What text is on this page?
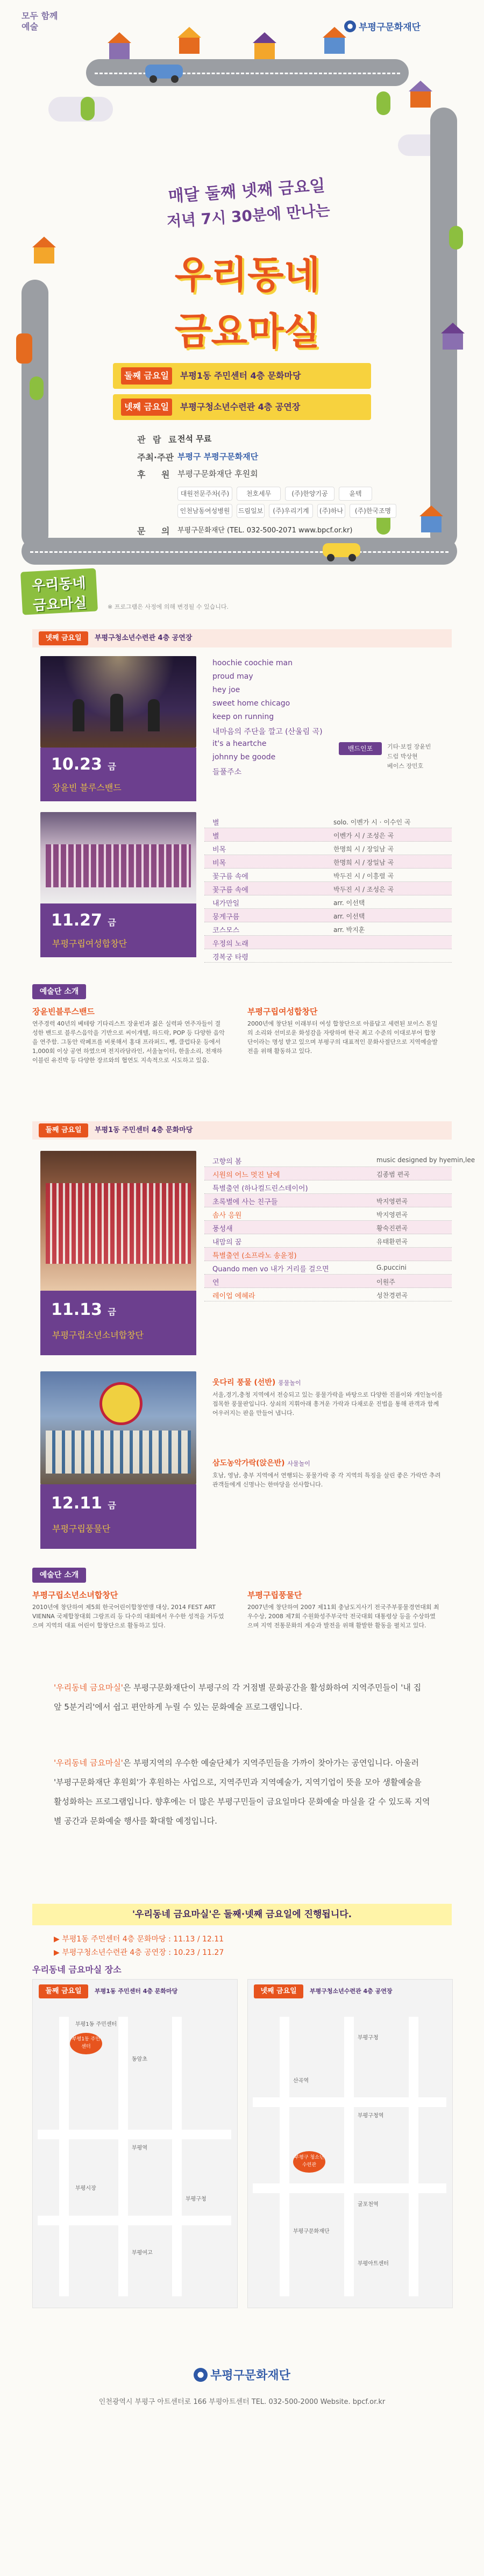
모두 함께 예술	부평구문화재단
매달 둘째 넷째 금요일
저녁 7시 30분에 만나는
우리동네
금요마실
둘째 금요일	부평1동 주민센터 4층 문화마당
넷째 금요일	부평구청소년수련관 4층 공연장
관 람 료
전석 무료
주최·주관 부평구 부평구문화재단
후 원 부평구문화재단 후원회
대원전문주차(주)	천호세무	(주)한양기공	윤텍
인천남동여성병원	드림일보	(주)우리기계	(주)하나	(주)한국조명
문 의 부평구문화재단 (TEL. 032-500-2071 www.bpcf.or.kr)
우리동네
금요마실	※ 프로그램은 사정에 의해 변경될 수 있습니다.
넷째 금요일	부평구청소년수련관 4층 공연장
10.23 금
장윤빈 블루스밴드
hoochie coochie man
proud may
hey joe
sweet home chicago
keep on running
내마음의 주단을 깔고 (산울림 곡)
it's a heartche
johnny be goode
들풀주소
밴드인포	기타·보컬 장윤빈
드럼 박상현
베이스 장민호
11.27 금
부평구립여성합창단
별	solo. 이벤가 시 · 이수인 곡
별	이벤가 시 / 조성은 곡
비목	한명희 시 / 장일남 곡
비목	한명희 시 / 장일남 곡
꽃구름 속에	박두진 시 / 이흥렬 곡
꽃구름 속에	박두진 시 / 조성은 곡
내가만일	arr. 이선택
뭉게구름	arr. 이선택
코스모스	arr. 박지훈
우정의 노래
경복궁 타령
예술단 소개
장윤빈블루스밴드
연주경력 40년의 베테랑 기타리스트 장윤빈과 젊은 실력파 연주자들이 결성한 밴드로 블루스음악을 기반으로 씨이개텔, 하드락, POP 등 다양한 음악을 연주함. 그동안 락페프를 비롯해서 홍대 프라퍼드, 뺑, 클럽타운 등에서 1,000회 이상 공연 하였으며 전지라담라인, 서울놀이터, 한울소리, 전재하이블린 유진박 등 다양한 장르와의 협연도 지속적으로 시도하고 있음.
부평구립여성합창단
2000년에 창단된 이래부터 여성 합창단으로 아름답고 세련된 보이스 톤일의 소리와 선미로운 화성감을 자랑하며 한국 최고 수준의 이대로부어 합창단이라는 명성 받고 있으며 부평구의 대표적인 문화사절단으로 지역예술발전을 위해 활동하고 있다.
둘째 금요일	부평1동 주민센터 4층 문화마당
11.13 금
부평구립소년소녀합창단
고향의 봄	music designed by hyemin,lee
시원의 어느 멋진 날에	김종범 편곡
특별출연 (하나컬드린스테이어)
초록별에 사는 친구들	박지영편곡
솜사 응원	박지영편곡
풍성새	황숙진편곡
내맘의 꿈	유태환편곡
특별출연 (소프라노 송윤정)
Quando men vo 내가 거리를 걸으면	G.puccini
연	이원주
레이업 에헤라	성찬경편곡
12.11 금
부평구립풍물단
웃다리 풍물 (선반) 풍물놀이
서울,경기,충청 지역에서 전승되고 있는 풍물가락을 바탕으로 다양한 진풀이와 개인놀이를 접목한 풍물판입니다. 상쇠의 지휘아래 흥겨운 가락과 다채로운 진법을 통해 관객과 함께 어우러지는 판을 만들어 냅니다.
삼도농악가락(앉은반) 사물놀이
호남, 영남, 충부 지역에서 연행되는 풍물가락 중 각 지역의 특징을 살린 좋은 가락만 추려 관객들에게 신명나는 한마당을 선사합니다.
예술단 소개
부평구립소년소녀합창단
2010년에 창단하여 제5회 한국어린이합창연맹 대상, 2014 FEST ART VIENNA 국제합창대회 그랑프리 등 다수의 대회에서 우수한 성적을 거두었으며 지역의 대표 어린이 합창단으로 활동하고 있다.
부평구립풍물단
2007년에 창단하여 2007 제11회 충남도지사기 전국주부풍물경연대회 최우수상, 2008 제7회 수원화성주부국악 전국대회 대통령상 등을 수상하였으며 지역 전통문화의 계승과 발전을 위해 활발한 활동을 펼치고 있다.
'우리동네 금요마실'은 부평구문화재단이 부평구의 각 거점별 문화공간을 활성화하여 지역주민들이 '내 집 앞 5분거리'에서 쉽고 편안하게 누릴 수 있는 문화예술 프로그램입니다.
'우리동네 금요마실'은 부평지역의 우수한 예술단체가 지역주민들을 가까이 찾아가는 공연입니다. 아울러 '부평구문화재단 후원회'가 후원하는 사업으로, 지역주민과 지역예술가, 지역기업이 뜻을 모아 생활예술을 활성화하는 프로그램입니다. 향후에는 더 많은 부평구민들이 금요일마다 문화예술 마실을 갈 수 있도록 지역별 공간과 문화예술 행사를 확대할 예정입니다.
'우리동네 금요마실'은 둘째·넷째 금요일에 진행됩니다.
▶ 부평1동 주민센터 4층 문화마당 : 11.13 / 12.11
▶ 부평구청소년수련관 4층 공연장 : 10.23 / 11.27
우리동네 금요마실 장소
둘째 금요일	부평1동 주민센터 4층 문화마당
부평1동 주민센터
부평1동 주민센터
동암초
부평역
부평시장
부평구청
부평여고
넷째 금요일	부평구청소년수련관 4층 공연장
부평구 청소년수련관
부평구청
산곡역
부평구청역
굴포천역
부평구문화재단
부평아트센터
부평구문화재단
인천광역시 부평구 아트센터로 166 부평아트센터 TEL. 032-500-2000 Website. bpcf.or.kr
